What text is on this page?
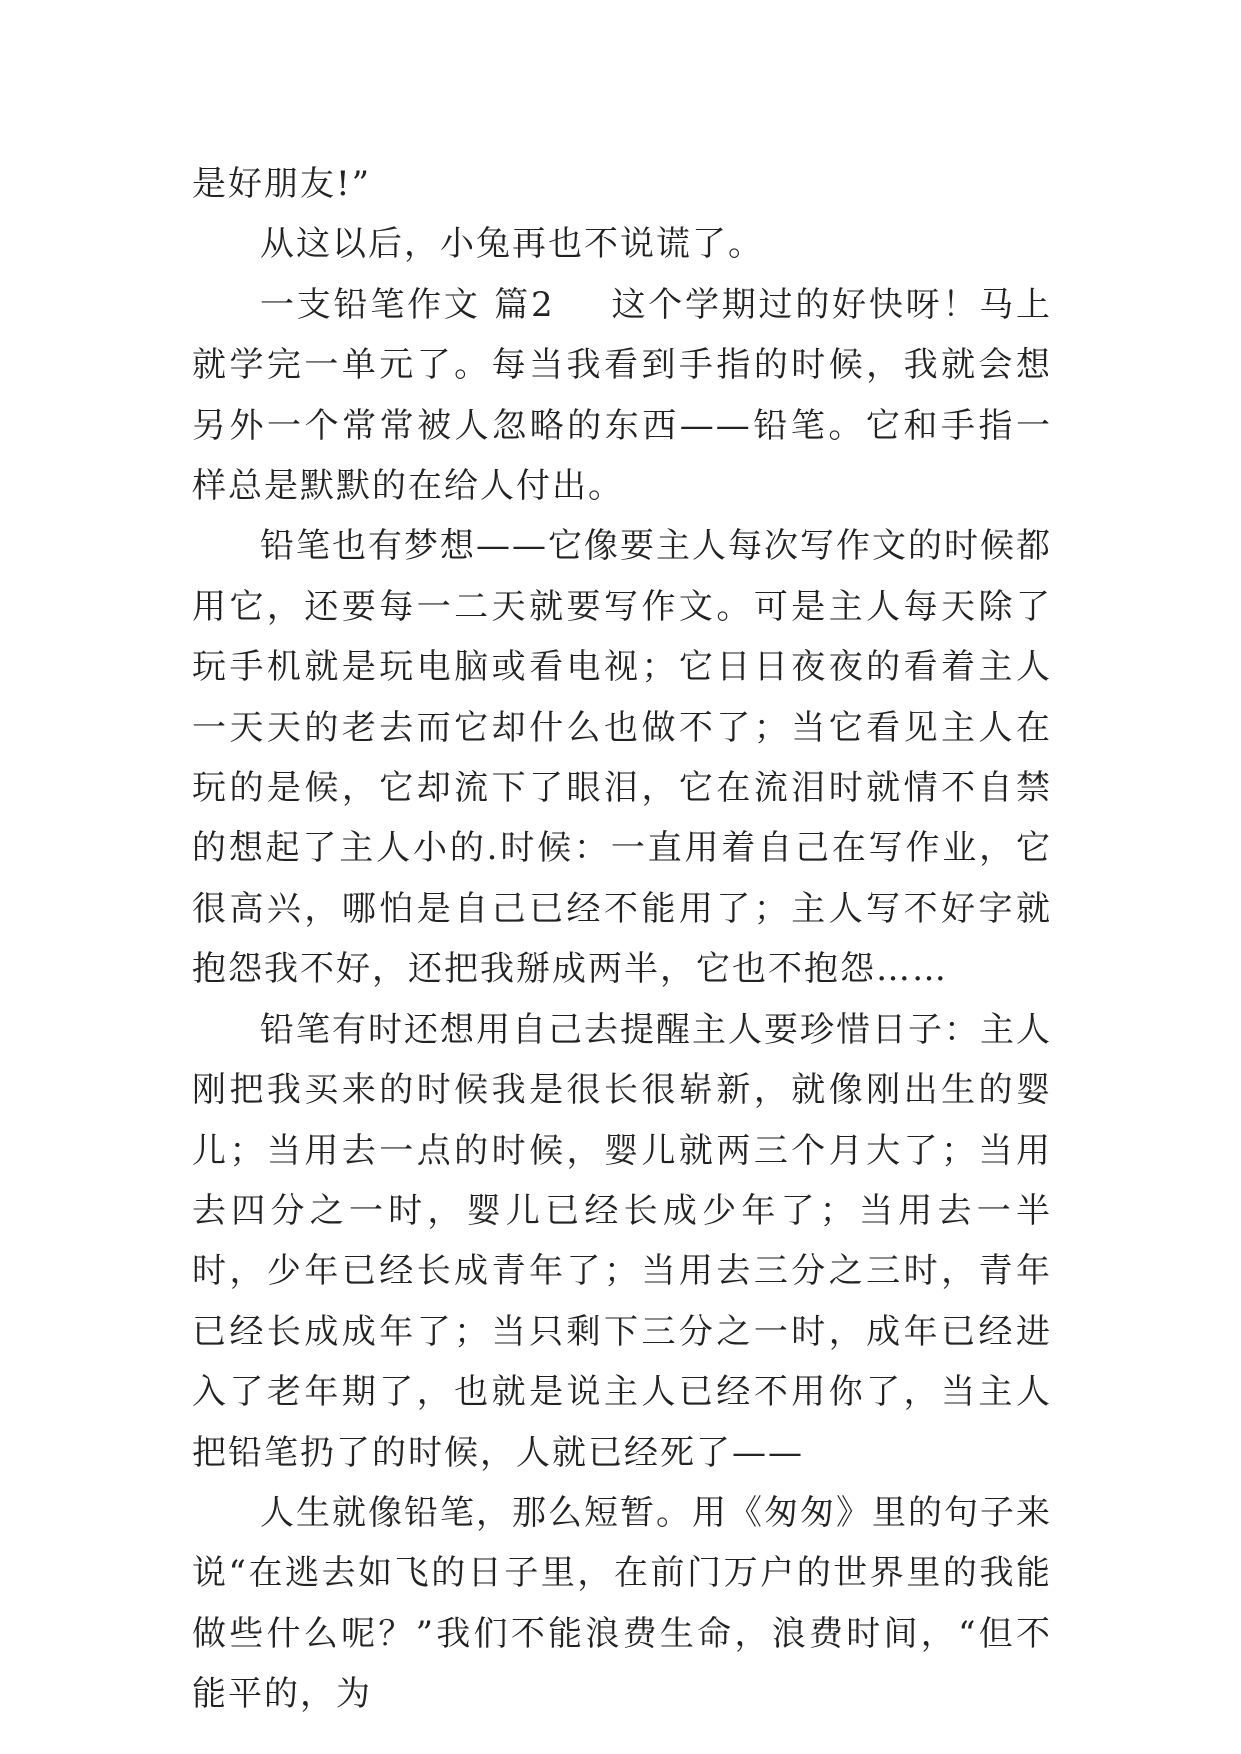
是好朋友!”

从这以后，小兔再也不说谎了。

一支铅笔作文 篇2 这个学期过的好快呀！马上就学完一单元了。每当我看到手指的时候，我就会想另外一个常常被人忽略的东西——铅笔。它和手指一样总是默默的在给人付出。

铅笔也有梦想——它像要主人每次写作文的时候都用它，还要每一二天就要写作文。可是主人每天除了玩手机就是玩电脑或看电视；它日日夜夜的看着主人一天天的老去而它却什么也做不了；当它看见主人在玩的是候，它却流下了眼泪，它在流泪时就情不自禁的想起了主人小的.时候：一直用着自己在写作业，它很高兴，哪怕是自己已经不能用了；主人写不好字就抱怨我不好，还把我掰成两半，它也不抱怨……

铅笔有时还想用自己去提醒主人要珍惜日子：主人刚把我买来的时候我是很长很崭新，就像刚出生的婴儿；当用去一点的时候，婴儿就两三个月大了；当用去四分之一时，婴儿已经长成少年了；当用去一半时，少年已经长成青年了；当用去三分之三时，青年已经长成成年了；当只剩下三分之一时，成年已经进入了老年期了，也就是说主人已经不用你了，当主人把铅笔扔了的时候，人就已经死了——

人生就像铅笔，那么短暂。用《匆匆》里的句子来说“在逃去如飞的日子里，在前门万户的世界里的我能做些什么呢？”我们不能浪费生命，浪费时间，“但不能平的，为
